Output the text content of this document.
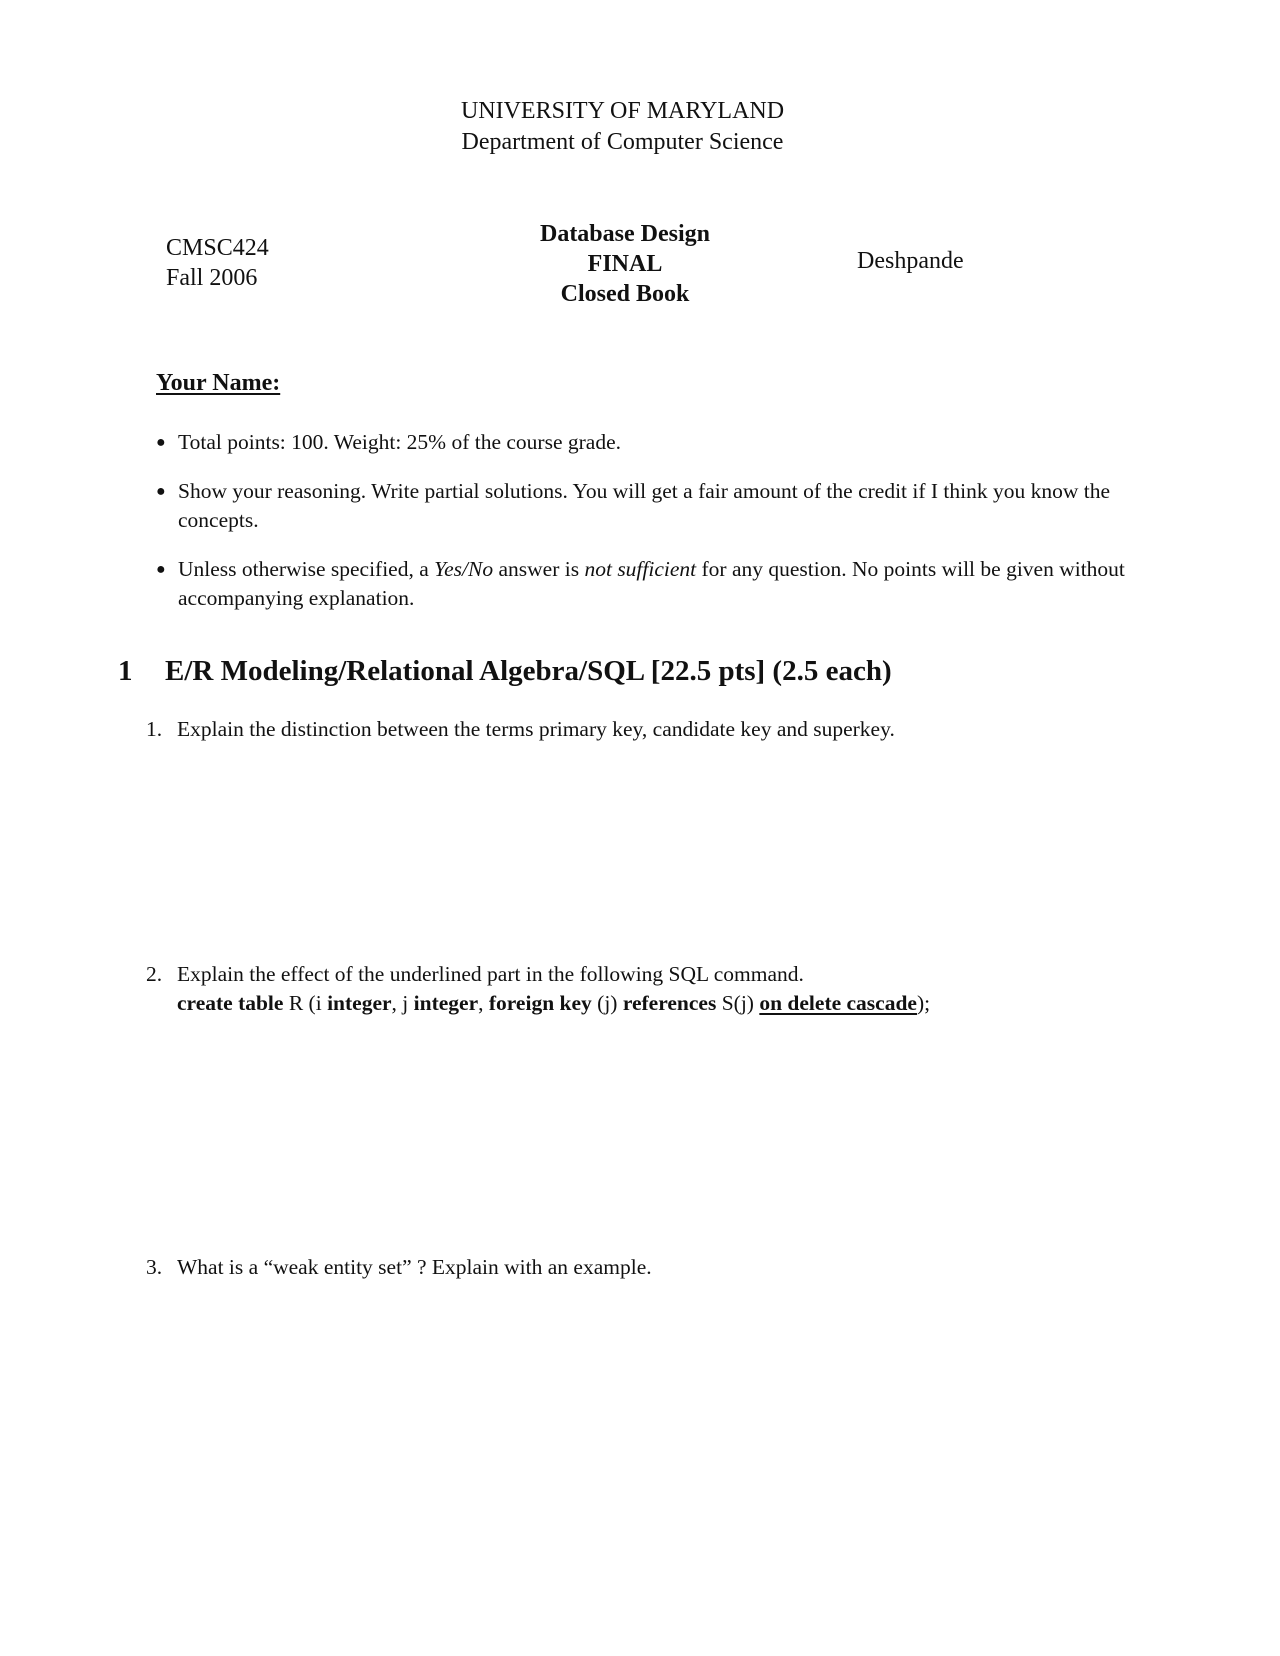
UNIVERSITY OF MARYLAND
Department of Computer Science
CMSC424
Fall 2006
Database Design
FINAL
Closed Book
Deshpande
Your Name:
● Total points: 100. Weight: 25% of the course grade.
● Show your reasoning. Write partial solutions. You will get a fair amount of the credit if I think you know the concepts.
● Unless otherwise specified, a Yes/No answer is not sufficient for any question. No points will be given without accompanying explanation.
1 E/R Modeling/Relational Algebra/SQL [22.5 pts] (2.5 each)
1. Explain the distinction between the terms primary key, candidate key and superkey.
2. Explain the effect of the underlined part in the following SQL command.
create table R (i integer, j integer, foreign key (j) references S(j) on delete cascade);
3. What is a “weak entity set” ? Explain with an example.
